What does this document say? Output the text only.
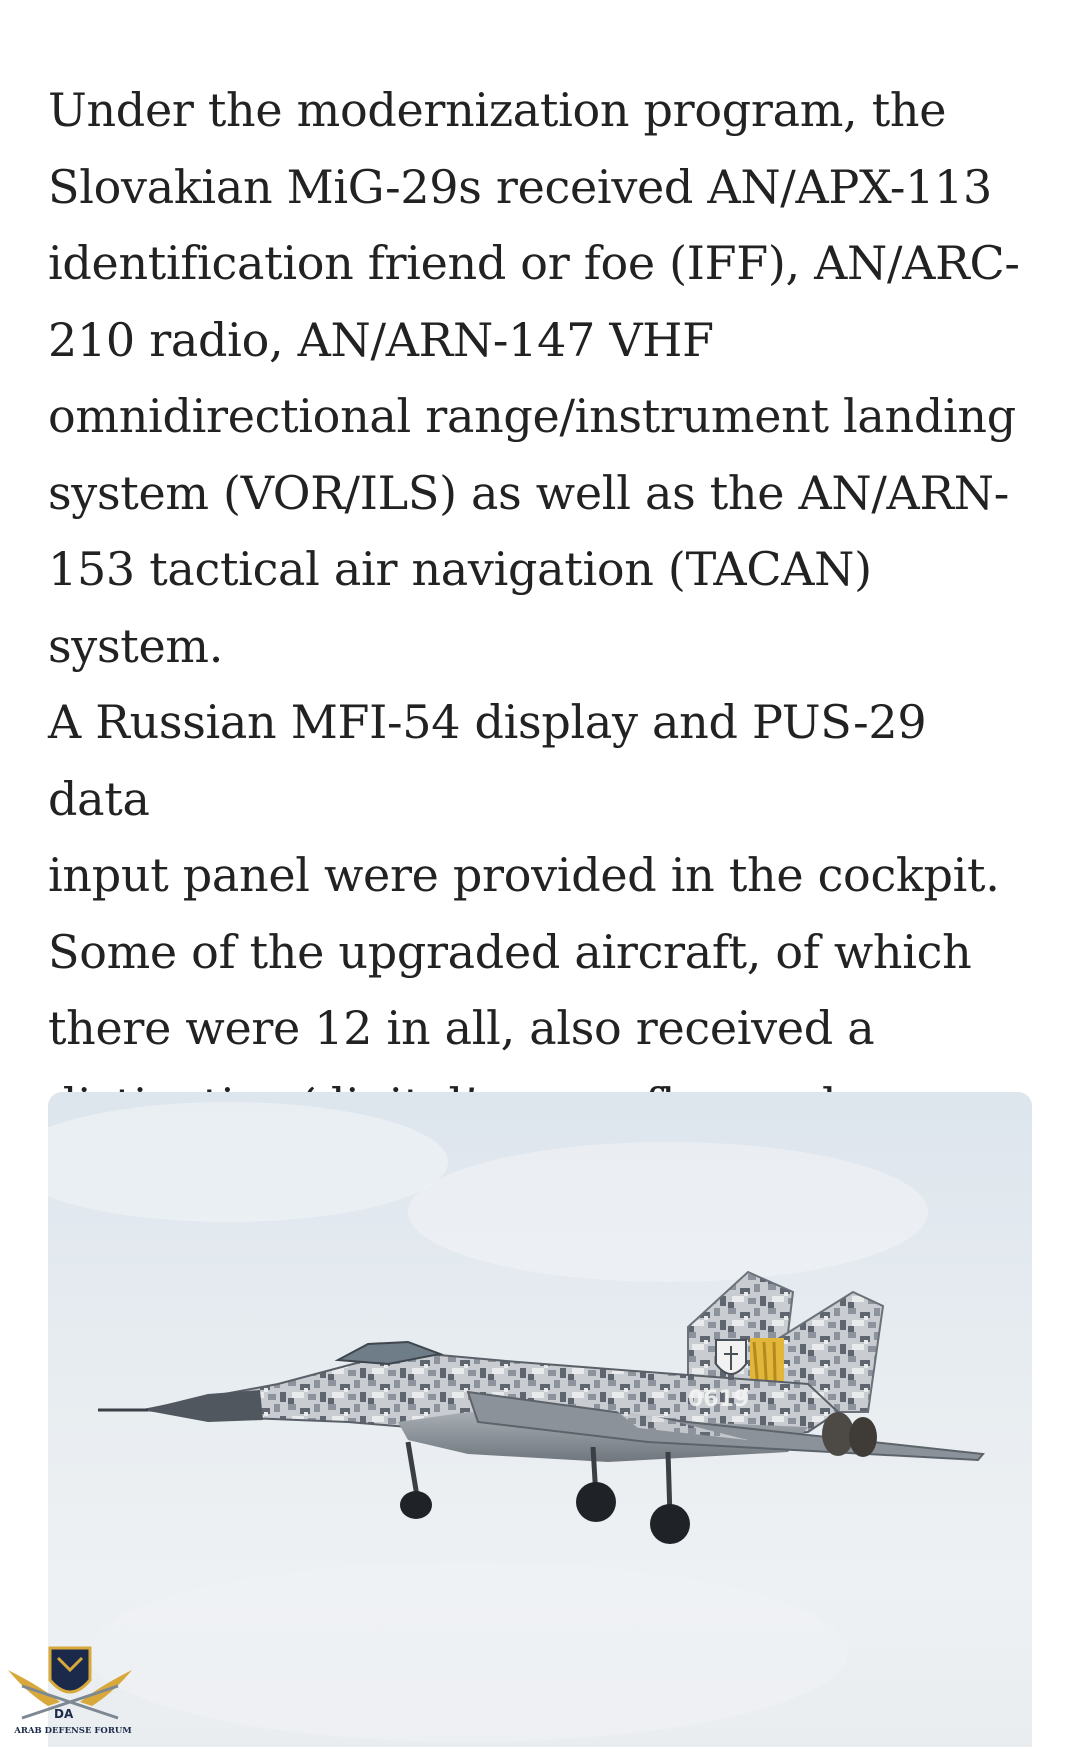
Under the modernization program, the
Slovakian MiG-29s received AN/APX-113
identification friend or foe (IFF), AN/ARC-
210 radio, AN/ARN-147 VHF
omnidirectional range/instrument landing
system (VOR/ILS) as well as the AN/ARN-
153 tactical air navigation (TACAN) system.
A Russian MFI-54 display and PUS-29 data
input panel were provided in the cockpit.
Some of the upgraded aircraft, of which
there were 12 in all, also received a

0619
DA
ARAB DEFENSE FORUM
